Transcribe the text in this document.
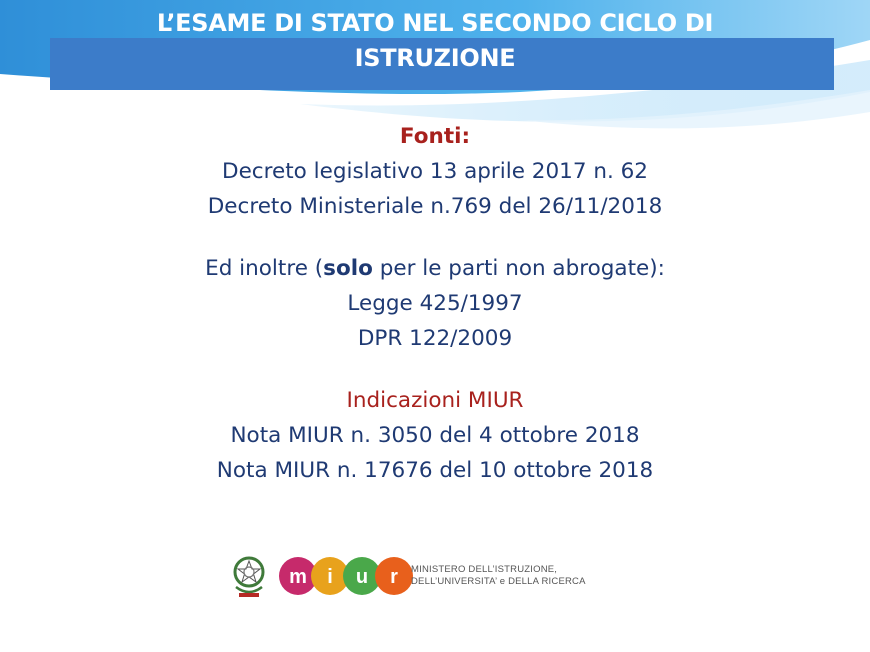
L’ESAME DI STATO NEL SECONDO CICLO DI
ISTRUZIONE
Fonti:
Decreto legislativo 13 aprile 2017 n. 62
Decreto Ministeriale n.769 del 26/11/2018
Ed inoltre (solo per le parti non abrogate):
Legge 425/1997
DPR 122/2009
Indicazioni MIUR
Nota MIUR n. 3050 del 4 ottobre 2018
Nota MIUR n. 17676 del 10 ottobre 2018
m i u r MINISTERO DELL’ISTRUZIONE,
DELL’UNIVERSITA’ e DELLA RICERCA
